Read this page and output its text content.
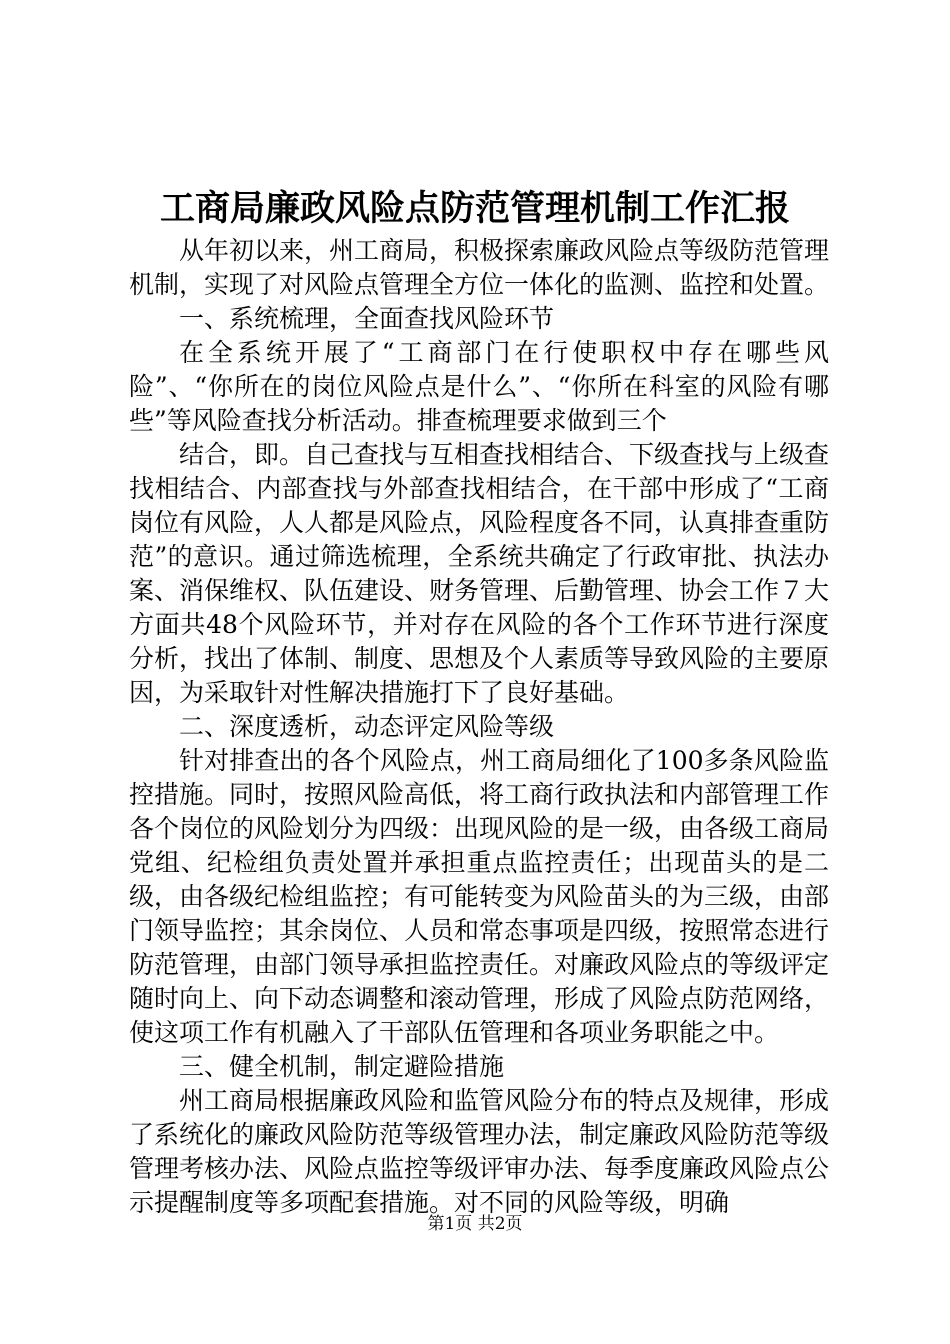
工商局廉政风险点防范管理机制工作汇报

从年初以来，州工商局，积极探索廉政风险点等级防范管理机制，实现了对风险点管理全方位一体化的监测、监控和处置。

一、系统梳理，全面查找风险环节

在全系统开展了“工商部门在行使职权中存在哪些风险”、“你所在的岗位风险点是什么”、“你所在科室的风险有哪些”等风险查找分析活动。排查梳理要求做到三个

结合，即。自己查找与互相查找相结合、下级查找与上级查找相结合、内部查找与外部查找相结合，在干部中形成了“工商岗位有风险，人人都是风险点，风险程度各不同，认真排查重防范”的意识。通过筛选梳理，全系统共确定了行政审批、执法办案、消保维权、队伍建设、财务管理、后勤管理、协会工作７大方面共48个风险环节，并对存在风险的各个工作环节进行深度分析，找出了体制、制度、思想及个人素质等导致风险的主要原因，为采取针对性解决措施打下了良好基础。

二、深度透析，动态评定风险等级

针对排查出的各个风险点，州工商局细化了100多条风险监控措施。同时，按照风险高低，将工商行政执法和内部管理工作各个岗位的风险划分为四级：出现风险的是一级，由各级工商局党组、纪检组负责处置并承担重点监控责任；出现苗头的是二级，由各级纪检组监控；有可能转变为风险苗头的为三级，由部门领导监控；其余岗位、人员和常态事项是四级，按照常态进行防范管理，由部门领导承担监控责任。对廉政风险点的等级评定随时向上、向下动态调整和滚动管理，形成了风险点防范网络，使这项工作有机融入了干部队伍管理和各项业务职能之中。

三、健全机制，制定避险措施

州工商局根据廉政风险和监管风险分布的特点及规律，形成了系统化的廉政风险防范等级管理办法，制定廉政风险防范等级管理考核办法、风险点监控等级评审办法、每季度廉政风险点公示提醒制度等多项配套措施。对不同的风险等级，明确

第1页 共2页
